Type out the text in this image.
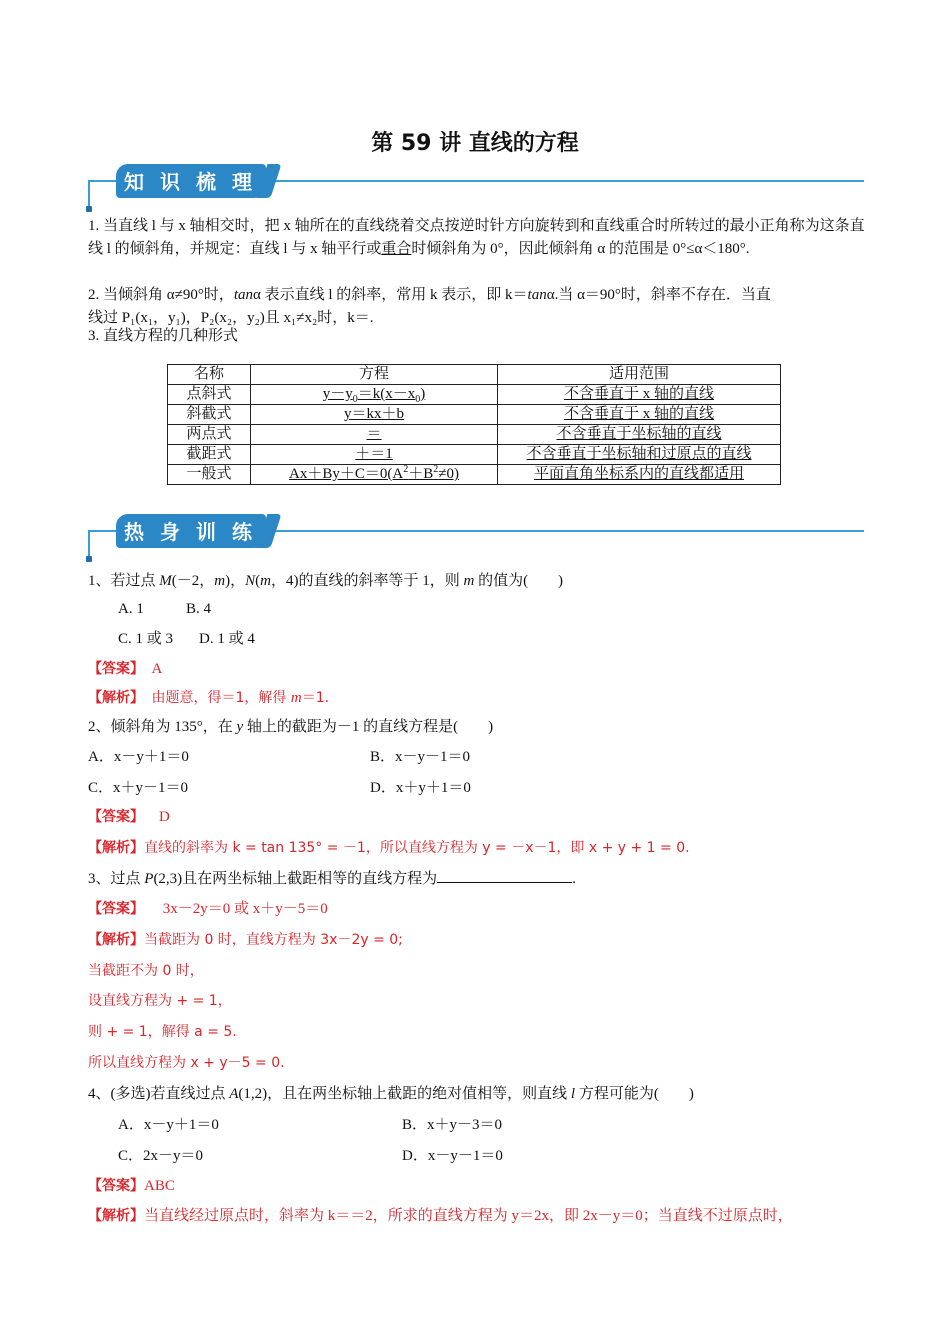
第 59 讲 直线的方程
知 识 梳 理
1. 当直线 l 与 x 轴相交时，把 x 轴所在的直线绕着交点按逆时针方向旋转到和直线重合时所转过的最小正角称为这条直线 l 的倾斜角，并规定：直线 l 与 x 轴平行或重合时倾斜角为 0°，因此倾斜角 α 的范围是 0°≤α＜180°.
2. 当倾斜角 α≠90°时，tanα 表示直线 l 的斜率，常用 k 表示，即 k＝tanα.当 α＝90°时，斜率不存在．当直
线过 P₁(x₁，y₁)，P₂(x₂，y₂)且 x₁≠x₂时，k＝.
3. 直线方程的几种形式
名称	方程	适用范围
点斜式	$y-y_0=k(x-x_0)$	不含垂直于 x 轴的直线
斜截式	y＝kx＋b	不含垂直于 x 轴的直线
两点式	＝	不含垂直于坐标轴的直线
截距式	＋＝1	不含垂直于坐标轴和过原点的直线
一般式	$Ax+By+C=0(A^2+B^2\ne 0)$	平面直角坐标系内的直线都适用
热 身 训 练
1、若过点 M(－2，m)，N(m，4)的直线的斜率等于 1，则 m 的值为(　　)
A. 1	B. 4
C. 1 或 3 D. 1 或 4
【答案】 A
【解析】 由题意，得＝1，解得 m＝1.
2、倾斜角为 135°，在 y 轴上的截距为－1 的直线方程是(　　)
A．x－y＋1＝0	B．x－y－1＝0
C．x＋y－1＝0	D．x＋y＋1＝0
【答案】 D
【解析】直线的斜率为 k = tan 135° = －1，所以直线方程为 y = －x－1，即 x + y + 1 = 0.
3、过点 P(2,3)且在两坐标轴上截距相等的直线方程为	.
【答案】 3x－2y＝0 或 x＋y－5＝0
【解析】当截距为 0 时，直线方程为 3x－2y = 0;
当截距不为 0 时，
设直线方程为 + = 1，
则 + = 1，解得 a = 5.
所以直线方程为 x + y－5 = 0.
4、(多选)若直线过点 A(1,2)，且在两坐标轴上截距的绝对值相等，则直线 l 方程可能为(　　)
A．x－y＋1＝0	B．x＋y－3＝0
C．2x－y＝0	D．x－y－1＝0
【答案】ABC
【解析】当直线经过原点时，斜率为 k＝＝2，所求的直线方程为 y＝2x，即 2x－y＝0；当直线不过原点时，
